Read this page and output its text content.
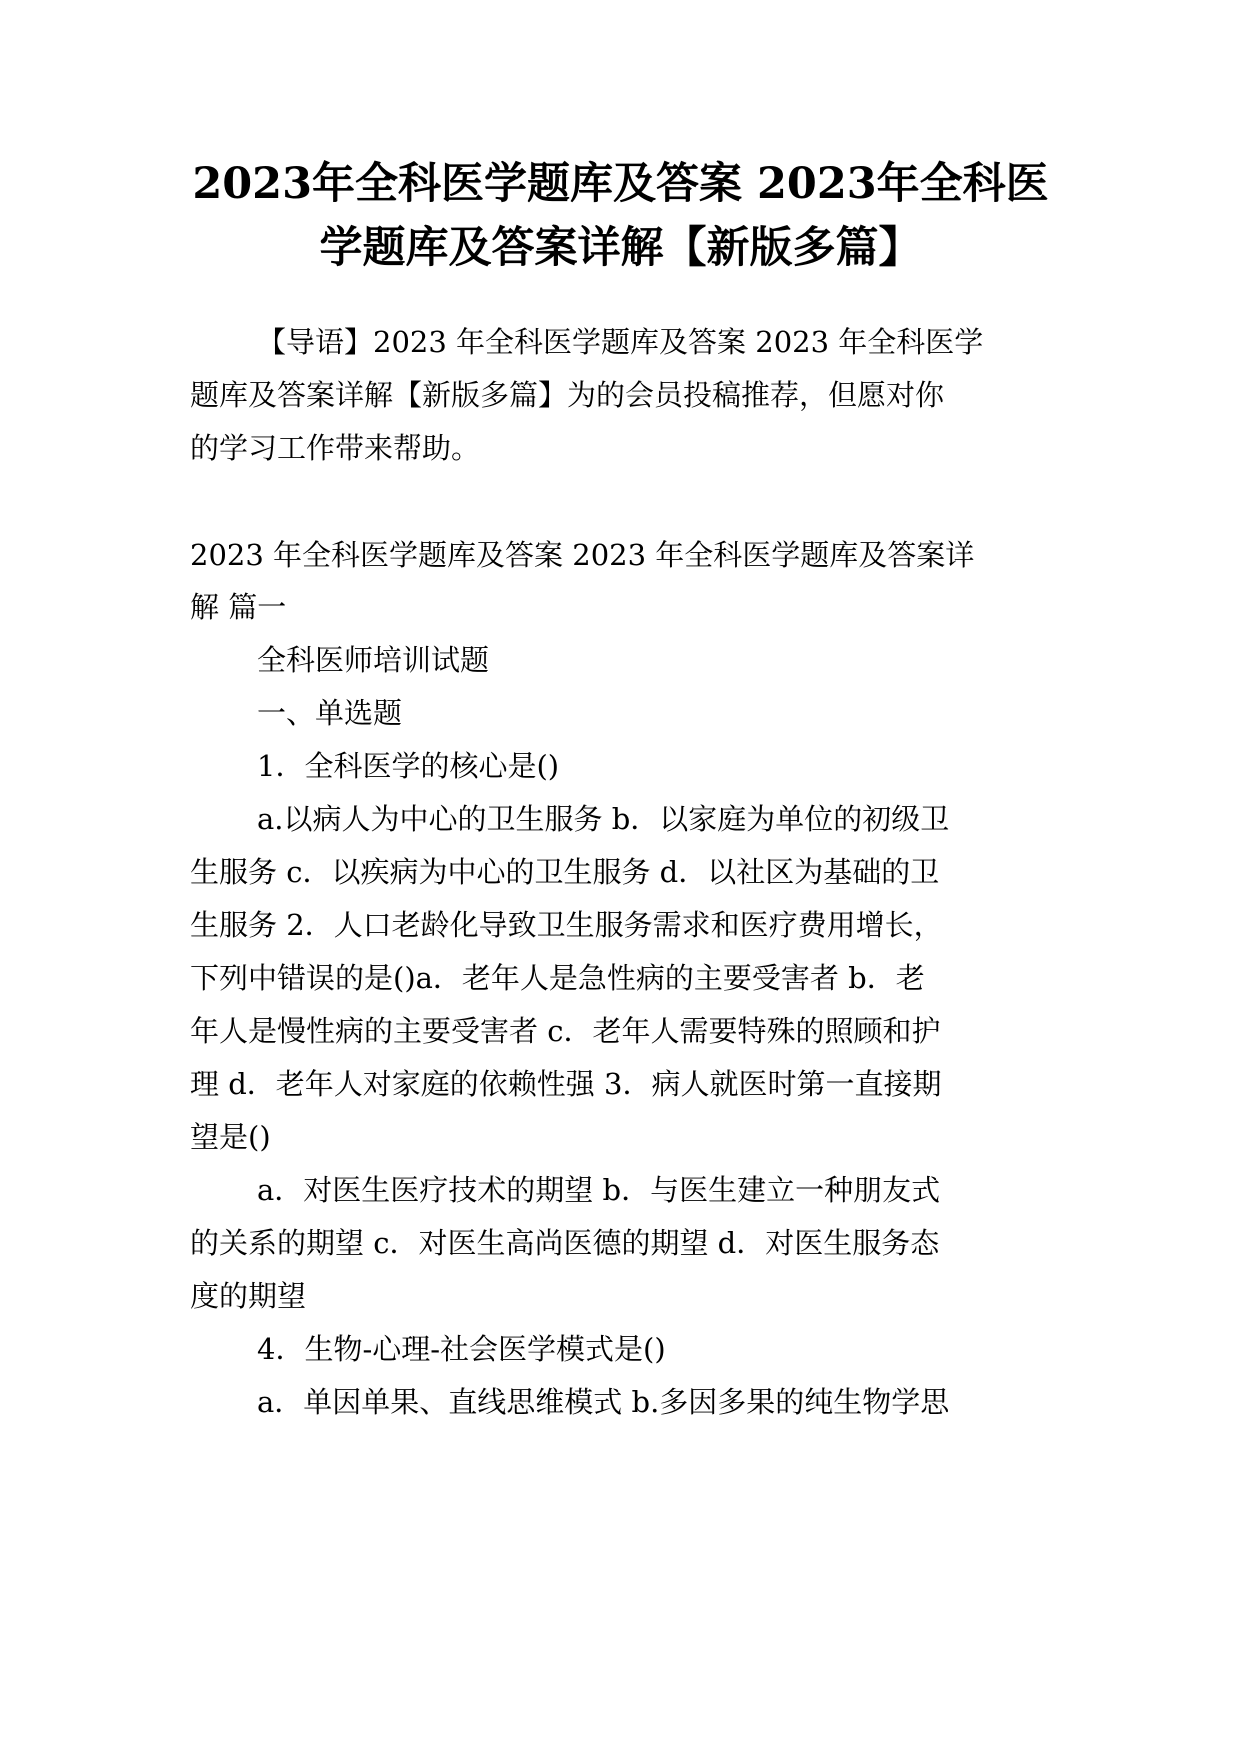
2023年全科医学题库及答案 2023年全科医
学题库及答案详解【新版多篇】

【导语】2023 年全科医学题库及答案 2023 年全科医学

题库及答案详解【新版多篇】为的会员投稿推荐，但愿对你

的学习工作带来帮助。

2023 年全科医学题库及答案 2023 年全科医学题库及答案详

解 篇一

全科医师培训试题

一、单选题

1．全科医学的核心是()

a.以病人为中心的卫生服务 b．以家庭为单位的初级卫

生服务 c．以疾病为中心的卫生服务 d．以社区为基础的卫

生服务 2．人口老龄化导致卫生服务需求和医疗费用增长，

下列中错误的是()a．老年人是急性病的主要受害者 b．老

年人是慢性病的主要受害者 c．老年人需要特殊的照顾和护

理 d．老年人对家庭的依赖性强 3．病人就医时第一直接期

望是()

a．对医生医疗技术的期望 b．与医生建立一种朋友式

的关系的期望 c．对医生高尚医德的期望 d．对医生服务态

度的期望

4．生物-心理-社会医学模式是()

a．单因单果、直线思维模式 b.多因多果的纯生物学思
